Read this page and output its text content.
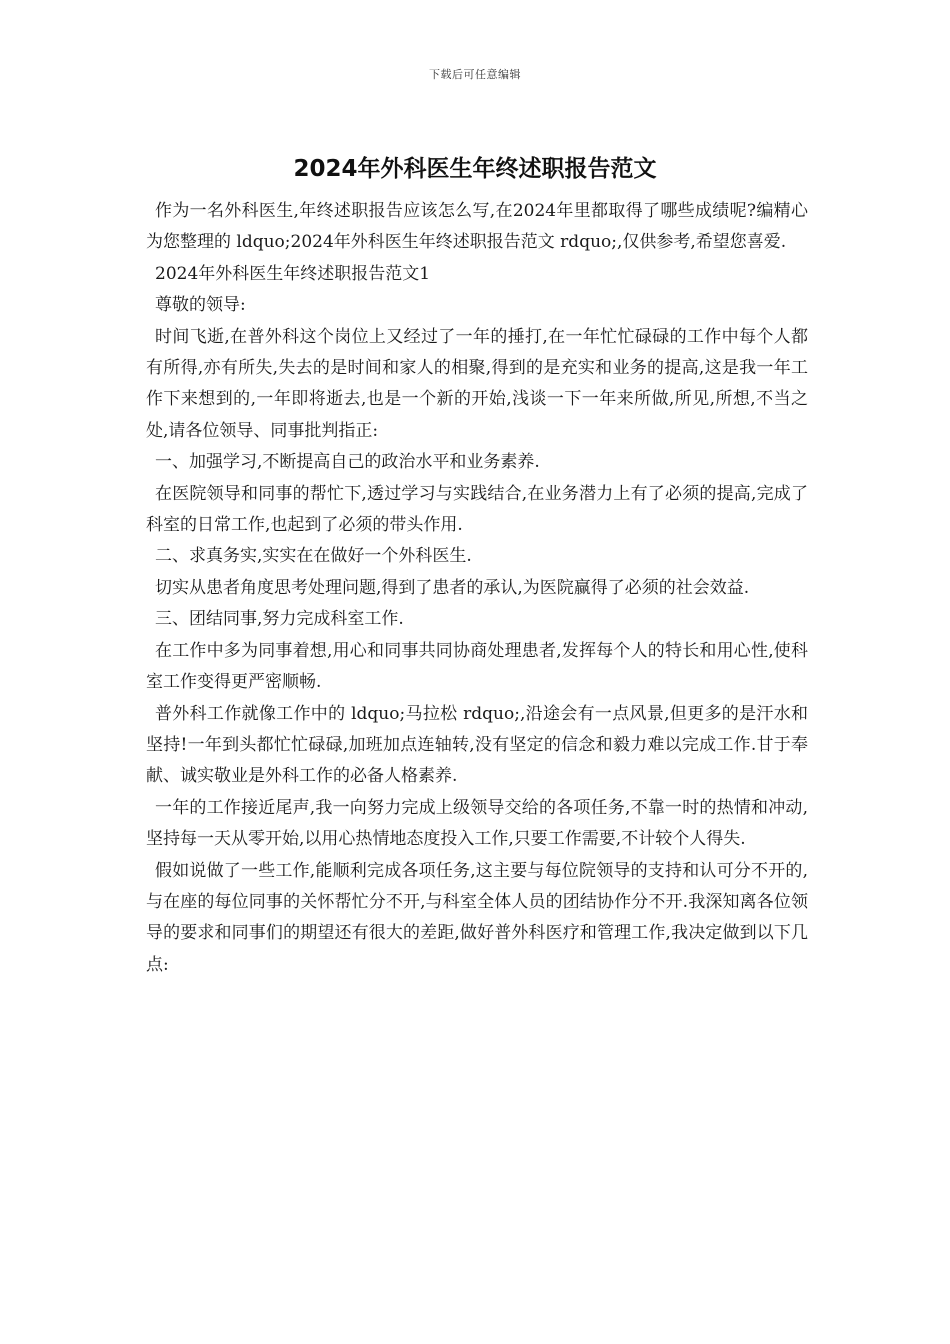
下载后可任意编辑
2024年外科医生年终述职报告范文

作为一名外科医生,年终述职报告应该怎么写,在2024年里都取得了哪些成绩呢?编精心为您整理的 ldquo;2024年外科医生年终述职报告范文 rdquo;,仅供参考,希望您喜爱.

2024年外科医生年终述职报告范文1

尊敬的领导:

时间飞逝,在普外科这个岗位上又经过了一年的捶打,在一年忙忙碌碌的工作中每个人都有所得,亦有所失,失去的是时间和家人的相聚,得到的是充实和业务的提高,这是我一年工作下来想到的,一年即将逝去,也是一个新的开始,浅谈一下一年来所做,所见,所想,不当之处,请各位领导、同事批判指正:

一、加强学习,不断提高自己的政治水平和业务素养.

在医院领导和同事的帮忙下,透过学习与实践结合,在业务潜力上有了必须的提高,完成了科室的日常工作,也起到了必须的带头作用.

二、求真务实,实实在在做好一个外科医生.

切实从患者角度思考处理问题,得到了患者的承认,为医院赢得了必须的社会效益.

三、团结同事,努力完成科室工作.

在工作中多为同事着想,用心和同事共同协商处理患者,发挥每个人的特长和用心性,使科室工作变得更严密顺畅.

普外科工作就像工作中的 ldquo;马拉松 rdquo;,沿途会有一点风景,但更多的是汗水和坚持!一年到头都忙忙碌碌,加班加点连轴转,没有坚定的信念和毅力难以完成工作.甘于奉献、诚实敬业是外科工作的必备人格素养.

一年的工作接近尾声,我一向努力完成上级领导交给的各项任务,不靠一时的热情和冲动,坚持每一天从零开始,以用心热情地态度投入工作,只要工作需要,不计较个人得失.

假如说做了一些工作,能顺利完成各项任务,这主要与每位院领导的支持和认可分不开的,与在座的每位同事的关怀帮忙分不开,与科室全体人员的团结协作分不开.我深知离各位领导的要求和同事们的期望还有很大的差距,做好普外科医疗和管理工作,我决定做到以下几点:
